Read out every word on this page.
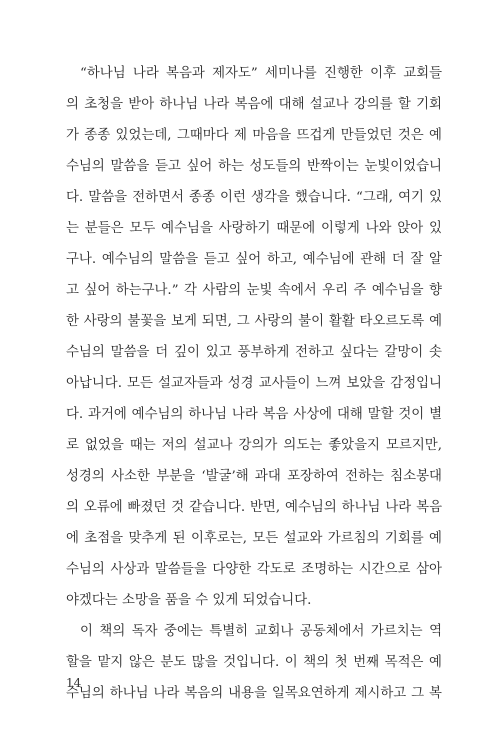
“하나님 나라 복음과 제자도” 세미나를 진행한 이후 교회들
의 초청을 받아 하나님 나라 복음에 대해 설교나 강의를 할 기회
가 종종 있었는데, 그때마다 제 마음을 뜨겁게 만들었던 것은 예
수님의 말씀을 듣고 싶어 하는 성도들의 반짝이는 눈빛이었습니
다. 말씀을 전하면서 종종 이런 생각을 했습니다. “그래, 여기 있
는 분들은 모두 예수님을 사랑하기 때문에 이렇게 나와 앉아 있
구나. 예수님의 말씀을 듣고 싶어 하고, 예수님에 관해 더 잘 알
고 싶어 하는구나.” 각 사람의 눈빛 속에서 우리 주 예수님을 향
한 사랑의 불꽃을 보게 되면, 그 사랑의 불이 활활 타오르도록 예
수님의 말씀을 더 깊이 있고 풍부하게 전하고 싶다는 갈망이 솟
아납니다. 모든 설교자들과 성경 교사들이 느껴 보았을 감정입니
다. 과거에 예수님의 하나님 나라 복음 사상에 대해 말할 것이 별
로 없었을 때는 저의 설교나 강의가 의도는 좋았을지 모르지만,
성경의 사소한 부분을 ‘발굴’해 과대 포장하여 전하는 침소봉대
의 오류에 빠졌던 것 같습니다. 반면, 예수님의 하나님 나라 복음
에 초점을 맞추게 된 이후로는, 모든 설교와 가르침의 기회를 예
수님의 사상과 말씀들을 다양한 각도로 조명하는 시간으로 삼아
야겠다는 소망을 품을 수 있게 되었습니다.
이 책의 독자 중에는 특별히 교회나 공동체에서 가르치는 역
할을 맡지 않은 분도 많을 것입니다. 이 책의 첫 번째 목적은 예
수님의 하나님 나라 복음의 내용을 일목요연하게 제시하고 그 복
14
